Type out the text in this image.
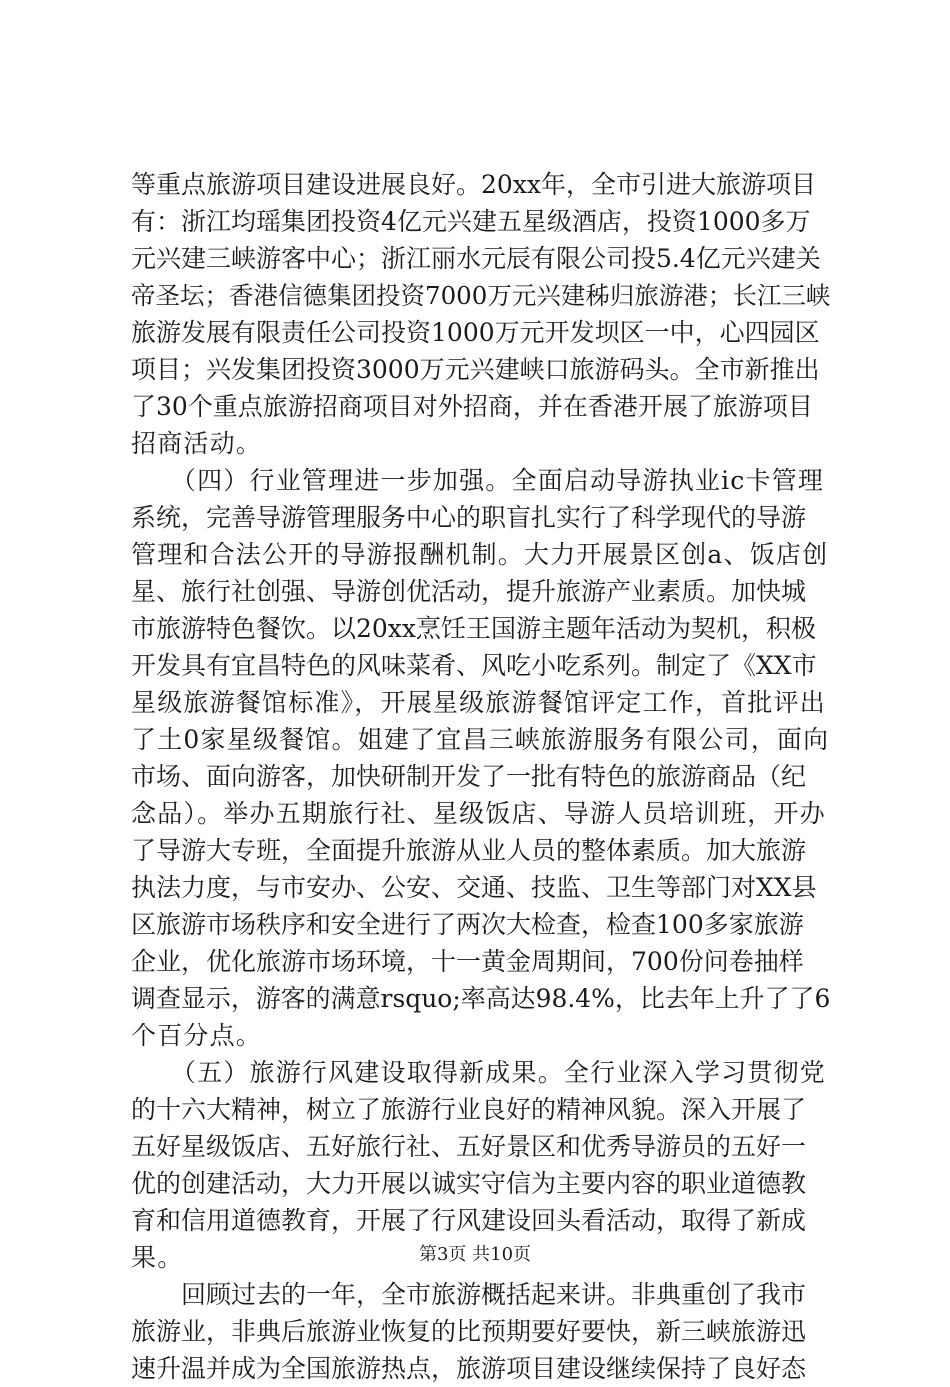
等重点旅游项目建设进展良好。20xx年，全市引进大旅游项目
有：浙江均瑶集团投资4亿元兴建五星级酒店，投资1000多万
元兴建三峡游客中心；浙江丽水元辰有限公司投5.4亿元兴建关
帝圣坛；香港信德集团投资7000万元兴建秭归旅游港；长江三峡
旅游发展有限责任公司投资1000万元开发坝区一中，心四园区
项目；兴发集团投资3000万元兴建峡口旅游码头。全市新推出
了30个重点旅游招商项目对外招商，并在香港开展了旅游项目
招商活动。
　　（四）行业管理进一步加强。全面启动导游执业ic卡管理
系统，完善导游管理服务中心的职盲扎实行了科学现代的导游
管理和合法公开的导游报酬机制。大力开展景区创a、饭店创
星、旅行社创强、导游创优活动，提升旅游产业素质。加快城
市旅游特色餐饮。以20xx烹饪王国游主题年活动为契机，积极
开发具有宜昌特色的风味菜肴、风吃小吃系列。制定了《XX市
星级旅游餐馆标准》，开展星级旅游餐馆评定工作，首批评出
了土0家星级餐馆。姐建了宜昌三峡旅游服务有限公司，面向
市场、面向游客，加快研制开发了一批有特色的旅游商品（纪
念品）。举办五期旅行社、星级饭店、导游人员培训班，开办
了导游大专班，全面提升旅游从业人员的整体素质。加大旅游
执法力度，与市安办、公安、交通、技监、卫生等部门对XX县
区旅游市场秩序和安全进行了两次大检查，检查100多家旅游
企业，优化旅游市场环境，十一黄金周期间，700份问卷抽样
调查显示，游客的满意rsquo;率高达98.4%，比去年上升了了6
个百分点。
　　（五）旅游行风建设取得新成果。全行业深入学习贯彻党
的十六大精神，树立了旅游行业良好的精神风貌。深入开展了
五好星级饭店、五好旅行社、五好景区和优秀导游员的五好一
优的创建活动，大力开展以诚实守信为主要内容的职业道德教
育和信用道德教育，开展了行风建设回头看活动，取得了新成
果。
　　回顾过去的一年，全市旅游概括起来讲。非典重创了我市
旅游业，非典后旅游业恢复的比预期要好要快，新三峡旅游迅
速升温并成为全国旅游热点，旅游项目建设继续保持了良好态
第3页 共10页
